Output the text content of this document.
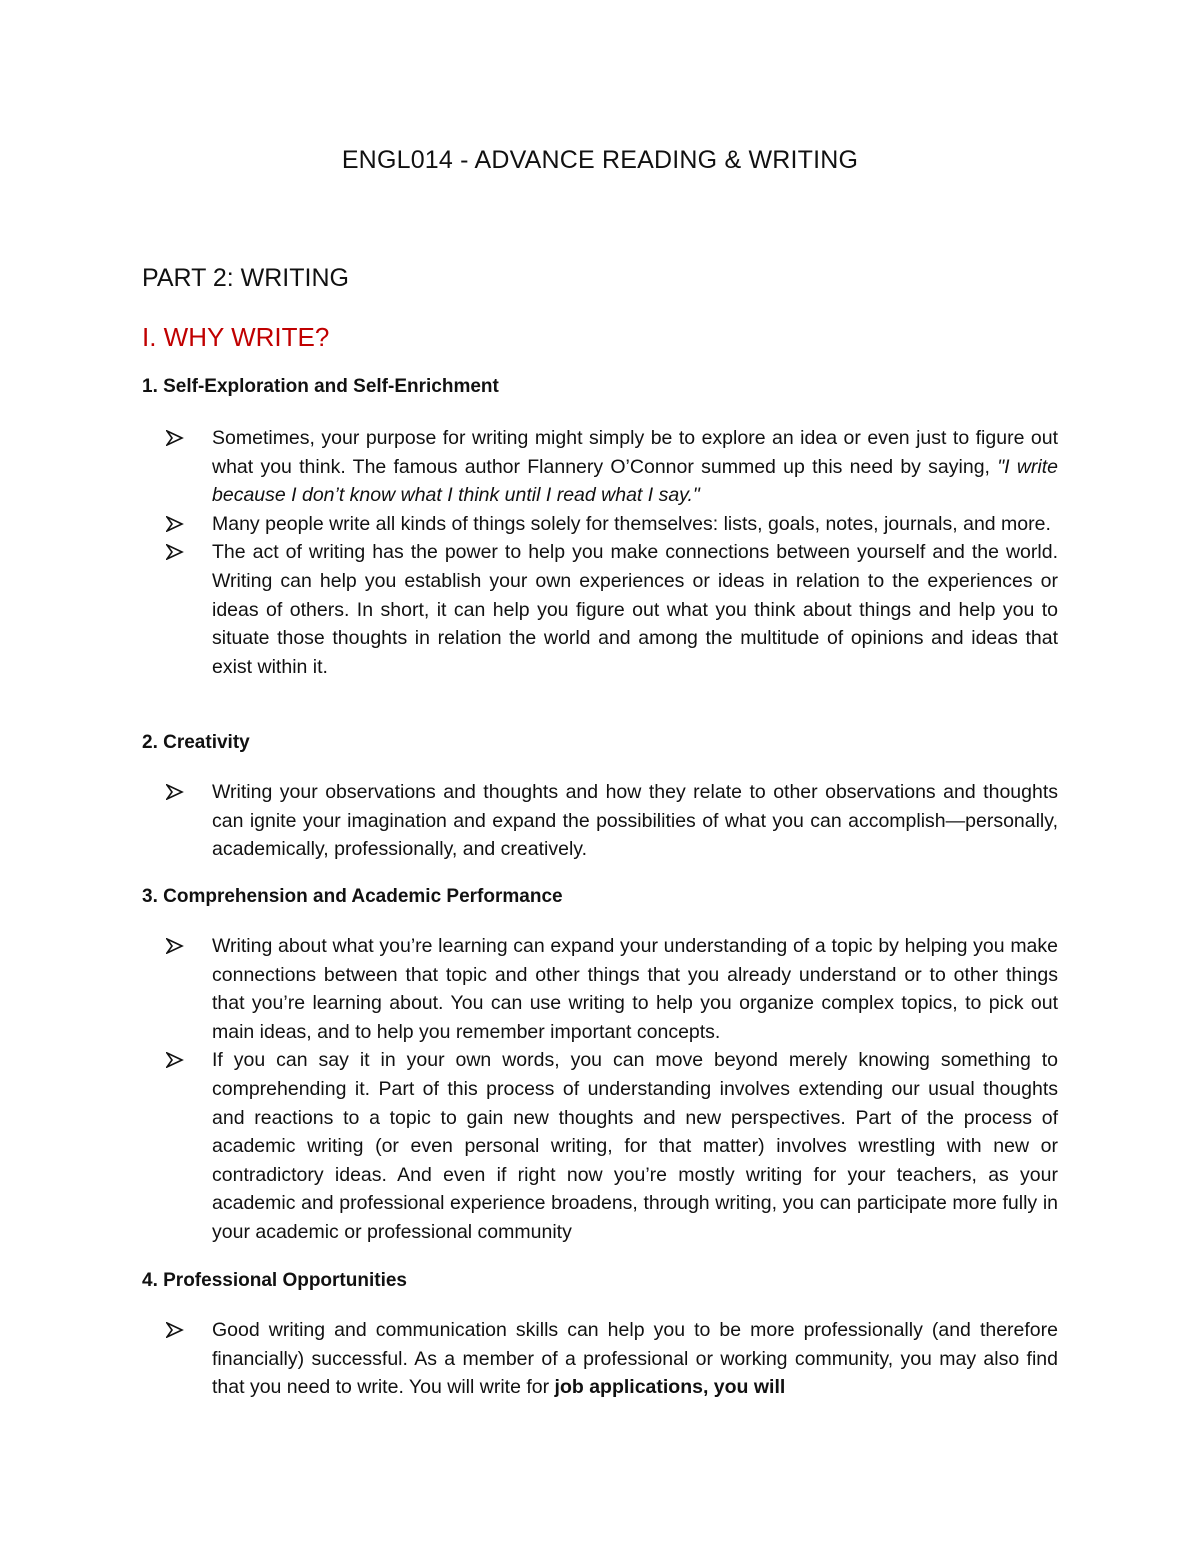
ENGL014 - ADVANCE READING & WRITING
PART 2: WRITING
I. WHY WRITE?
1. Self-Exploration and Self-Enrichment
Sometimes, your purpose for writing might simply be to explore an idea or even just to figure out what you think. The famous author Flannery O’Connor summed up this need by saying, "I write because I don’t know what I think until I read what I say."
Many people write all kinds of things solely for themselves: lists, goals, notes, journals, and more.
The act of writing has the power to help you make connections between yourself and the world. Writing can help you establish your own experiences or ideas in relation to the experiences or ideas of others. In short, it can help you figure out what you think about things and help you to situate those thoughts in relation the world and among the multitude of opinions and ideas that exist within it.
2. Creativity
Writing your observations and thoughts and how they relate to other observations and thoughts can ignite your imagination and expand the possibilities of what you can accomplish—personally, academically, professionally, and creatively.
3. Comprehension and Academic Performance
Writing about what you’re learning can expand your understanding of a topic by helping you make connections between that topic and other things that you already understand or to other things that you’re learning about. You can use writing to help you organize complex topics, to pick out main ideas, and to help you remember important concepts.
If you can say it in your own words, you can move beyond merely knowing something to comprehending it. Part of this process of understanding involves extending our usual thoughts and reactions to a topic to gain new thoughts and new perspectives. Part of the process of academic writing (or even personal writing, for that matter) involves wrestling with new or contradictory ideas. And even if right now you’re mostly writing for your teachers, as your academic and professional experience broadens, through writing, you can participate more fully in your academic or professional community
4. Professional Opportunities
Good writing and communication skills can help you to be more professionally (and therefore financially) successful. As a member of a professional or working community, you may also find that you need to write. You will write for job applications, you will
